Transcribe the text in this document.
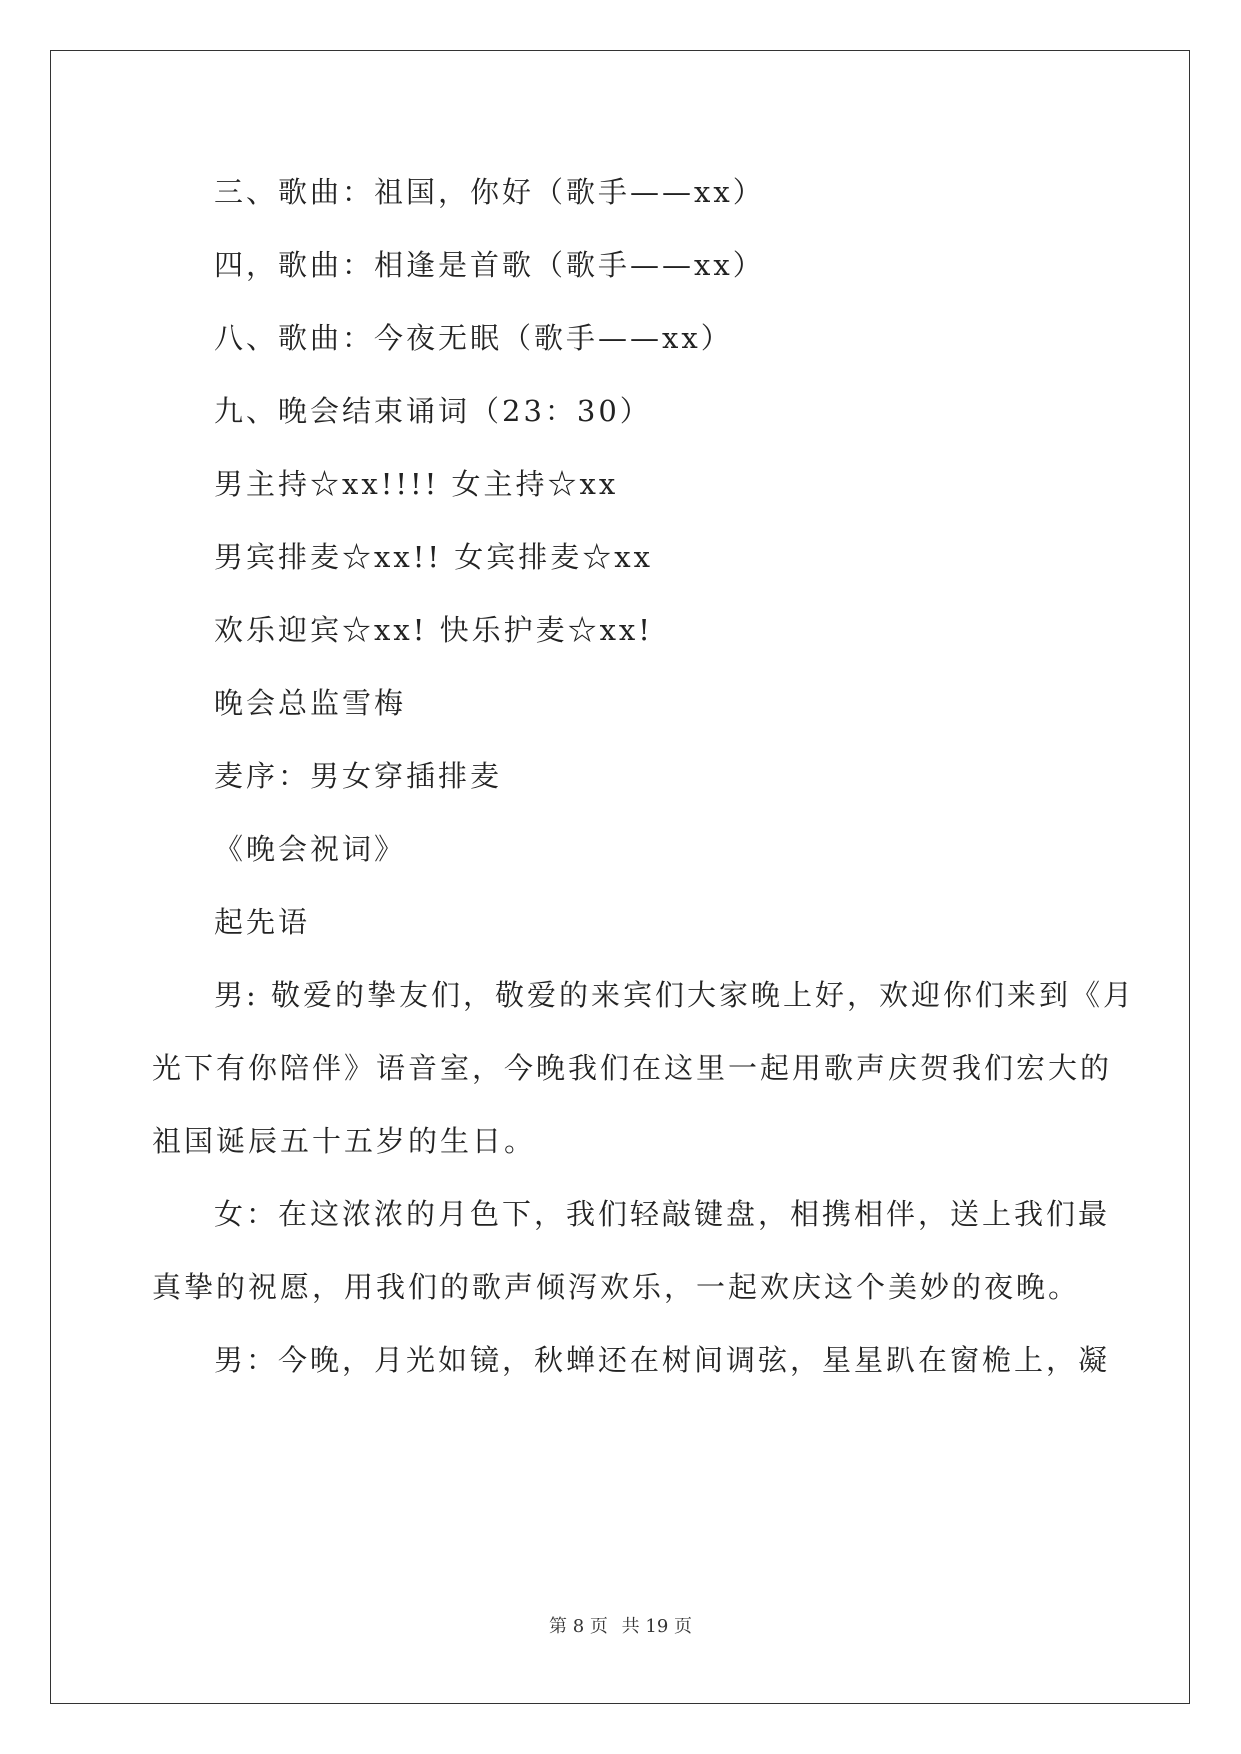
三、歌曲：祖国，你好（歌手——xx）
四，歌曲：相逢是首歌（歌手——xx）
八、歌曲：今夜无眠（歌手——xx）
九、晚会结束诵词（23：30）
男主持☆xx!!!! 女主持☆xx
男宾排麦☆xx!! 女宾排麦☆xx
欢乐迎宾☆xx! 快乐护麦☆xx!
晚会总监雪梅
麦序：男女穿插排麦
《晚会祝词》
起先语
男: 敬爱的挚友们，敬爱的来宾们大家晚上好，欢迎你们来到《月
光下有你陪伴》语音室，今晚我们在这里一起用歌声庆贺我们宏大的
祖国诞辰五十五岁的生日。
女：在这浓浓的月色下，我们轻敲键盘，相携相伴，送上我们最
真挚的祝愿，用我们的歌声倾泻欢乐，一起欢庆这个美妙的夜晚。
男：今晚，月光如镜，秋蝉还在树间调弦，星星趴在窗桅上，凝
第 8 页 共 19 页
